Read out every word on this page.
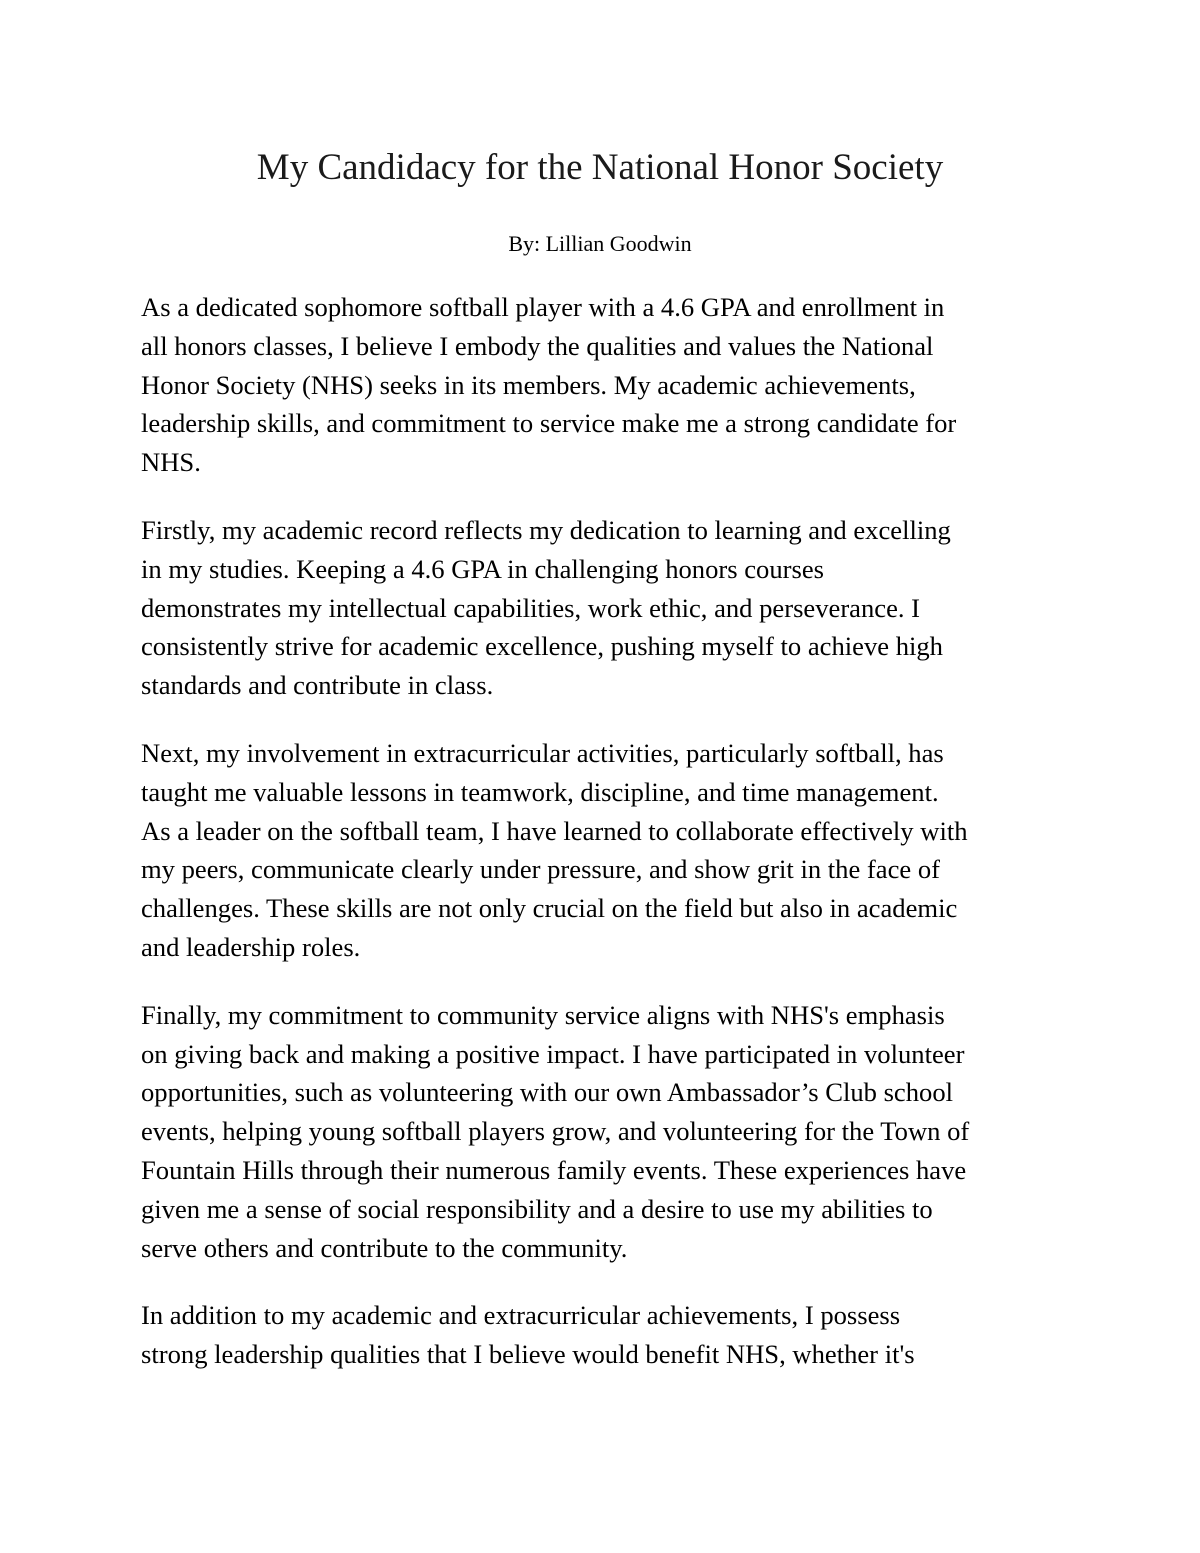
My Candidacy for the National Honor Society

By: Lillian Goodwin

As a dedicated sophomore softball player with a 4.6 GPA and enrollment in
all honors classes, I believe I embody the qualities and values the National
Honor Society (NHS) seeks in its members. My academic achievements,
leadership skills, and commitment to service make me a strong candidate for
NHS.

Firstly, my academic record reflects my dedication to learning and excelling
in my studies. Keeping a 4.6 GPA in challenging honors courses
demonstrates my intellectual capabilities, work ethic, and perseverance. I
consistently strive for academic excellence, pushing myself to achieve high
standards and contribute in class.

Next, my involvement in extracurricular activities, particularly softball, has
taught me valuable lessons in teamwork, discipline, and time management.
As a leader on the softball team, I have learned to collaborate effectively with
my peers, communicate clearly under pressure, and show grit in the face of
challenges. These skills are not only crucial on the field but also in academic
and leadership roles.

Finally, my commitment to community service aligns with NHS's emphasis
on giving back and making a positive impact. I have participated in volunteer
opportunities, such as volunteering with our own Ambassador’s Club school
events, helping young softball players grow, and volunteering for the Town of
Fountain Hills through their numerous family events. These experiences have
given me a sense of social responsibility and a desire to use my abilities to
serve others and contribute to the community.

In addition to my academic and extracurricular achievements, I possess
strong leadership qualities that I believe would benefit NHS, whether it's
